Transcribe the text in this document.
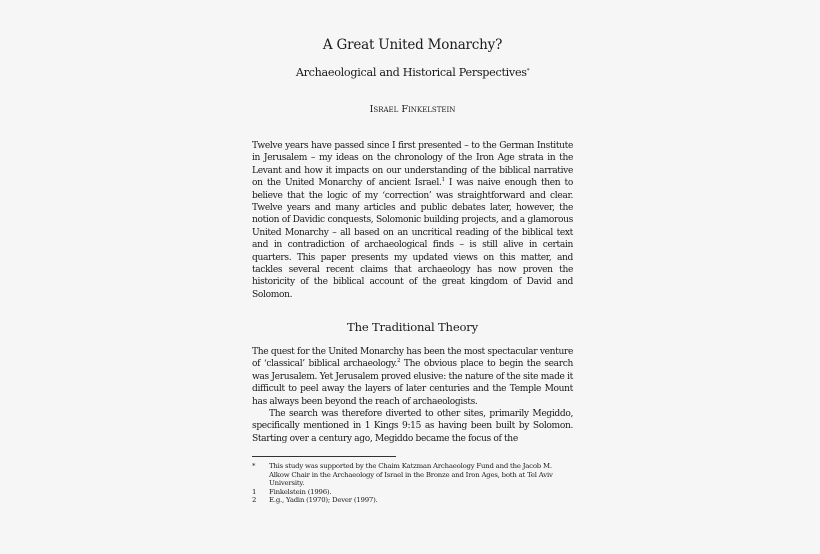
A Great United Monarchy?
Archaeological and Historical Perspectives*
Israel Finkelstein

Twelve years have passed since I first presented – to the German Institute in Jerusalem – my ideas on the chronology of the Iron Age strata in the Levant and how it impacts on our understanding of the biblical narrative on the United Monarchy of ancient Israel.$^1$ I was naive enough then to believe that the logic of my ‘correction’ was straightforward and clear. Twelve years and many articles and public debates later, however, the notion of Davidic conquests, Solomonic building projects, and a glamorous United Monarchy – all based on an uncritical reading of the biblical text and in contradiction of archaeological finds – is still alive in certain quarters. This paper presents my updated views on this matter, and tackles several recent claims that archaeology has now proven the historicity of the biblical account of the great kingdom of David and Solomon.

The Traditional Theory

The quest for the United Monarchy has been the most spectacular venture of ‘classical’ biblical archaeology.$^2$ The obvious place to begin the search was Jerusalem. Yet Jerusalem proved elusive: the nature of the site made it difficult to peel away the layers of later centuries and the Temple Mount has always been beyond the reach of archaeologists.

The search was therefore diverted to other sites, primarily Megiddo, specifically mentioned in 1 Kings 9:15 as having been built by Solomon. Starting over a century ago, Megiddo became the focus of the

*	This study was supported by the Chaim Katzman Archaeology Fund and the Jacob M. Alkow Chair in the Archaeology of Israel in the Bronze and Iron Ages, both at Tel Aviv University.
1	Finkelstein (1996).
2	E.g., Yadin (1970); Dever (1997).
